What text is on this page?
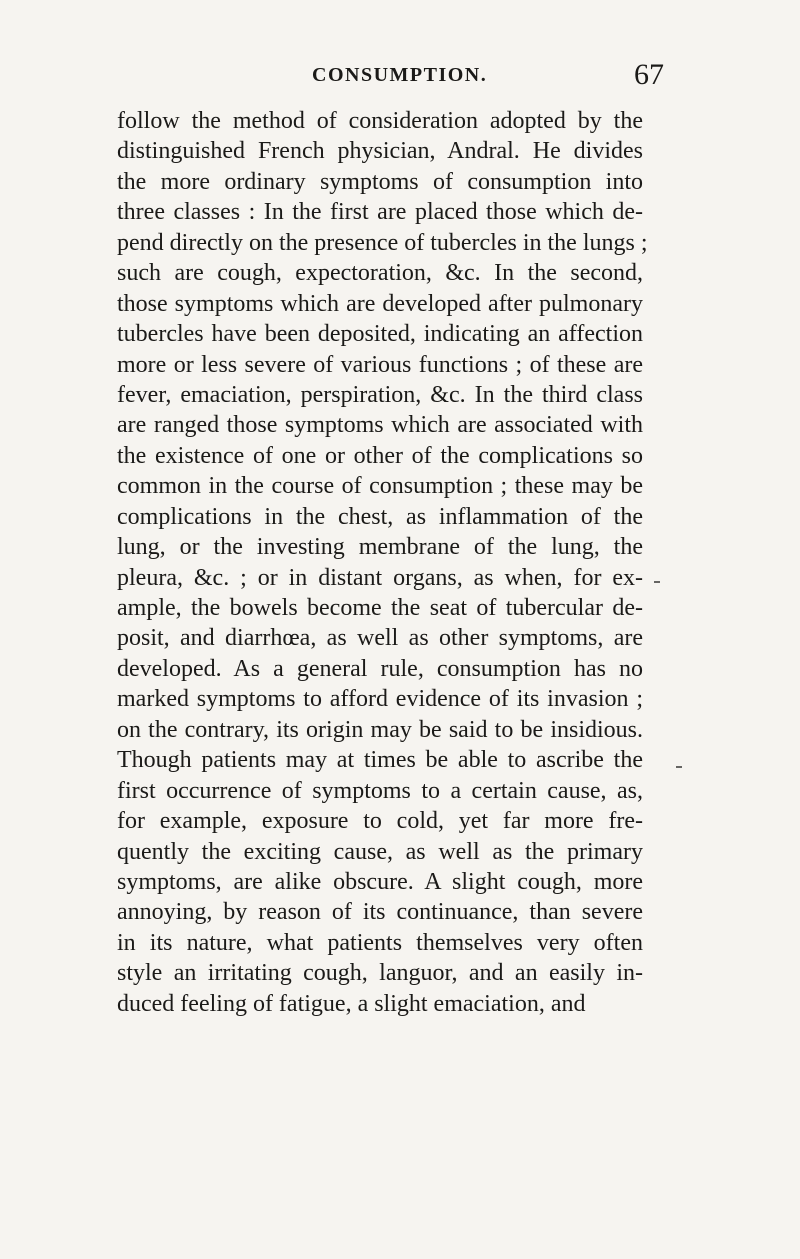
CONSUMPTION.	67
follow the method of consideration adopted by the
distinguished French physician, Andral. He divides
the more ordinary symptoms of consumption into
three classes : In the first are placed those which de-
pend directly on the presence of tubercles in the lungs ;
such are cough, expectoration, &c. In the second,
those symptoms which are developed after pulmonary
tubercles have been deposited, indicating an affection
more or less severe of various functions ; of these are
fever, emaciation, perspiration, &c. In the third class
are ranged those symptoms which are associated with
the existence of one or other of the complications so
common in the course of consumption ; these may be
complications in the chest, as inflammation of the
lung, or the investing membrane of the lung, the
pleura, &c. ; or in distant organs, as when, for ex-
ample, the bowels become the seat of tubercular de-
posit, and diarrhœa, as well as other symptoms, are
developed. As a general rule, consumption has no
marked symptoms to afford evidence of its invasion ;
on the contrary, its origin may be said to be insidious.
Though patients may at times be able to ascribe the
first occurrence of symptoms to a certain cause, as,
for example, exposure to cold, yet far more fre-
quently the exciting cause, as well as the primary
symptoms, are alike obscure. A slight cough, more
annoying, by reason of its continuance, than severe
in its nature, what patients themselves very often
style an irritating cough, languor, and an easily in-
duced feeling of fatigue, a slight emaciation, and
